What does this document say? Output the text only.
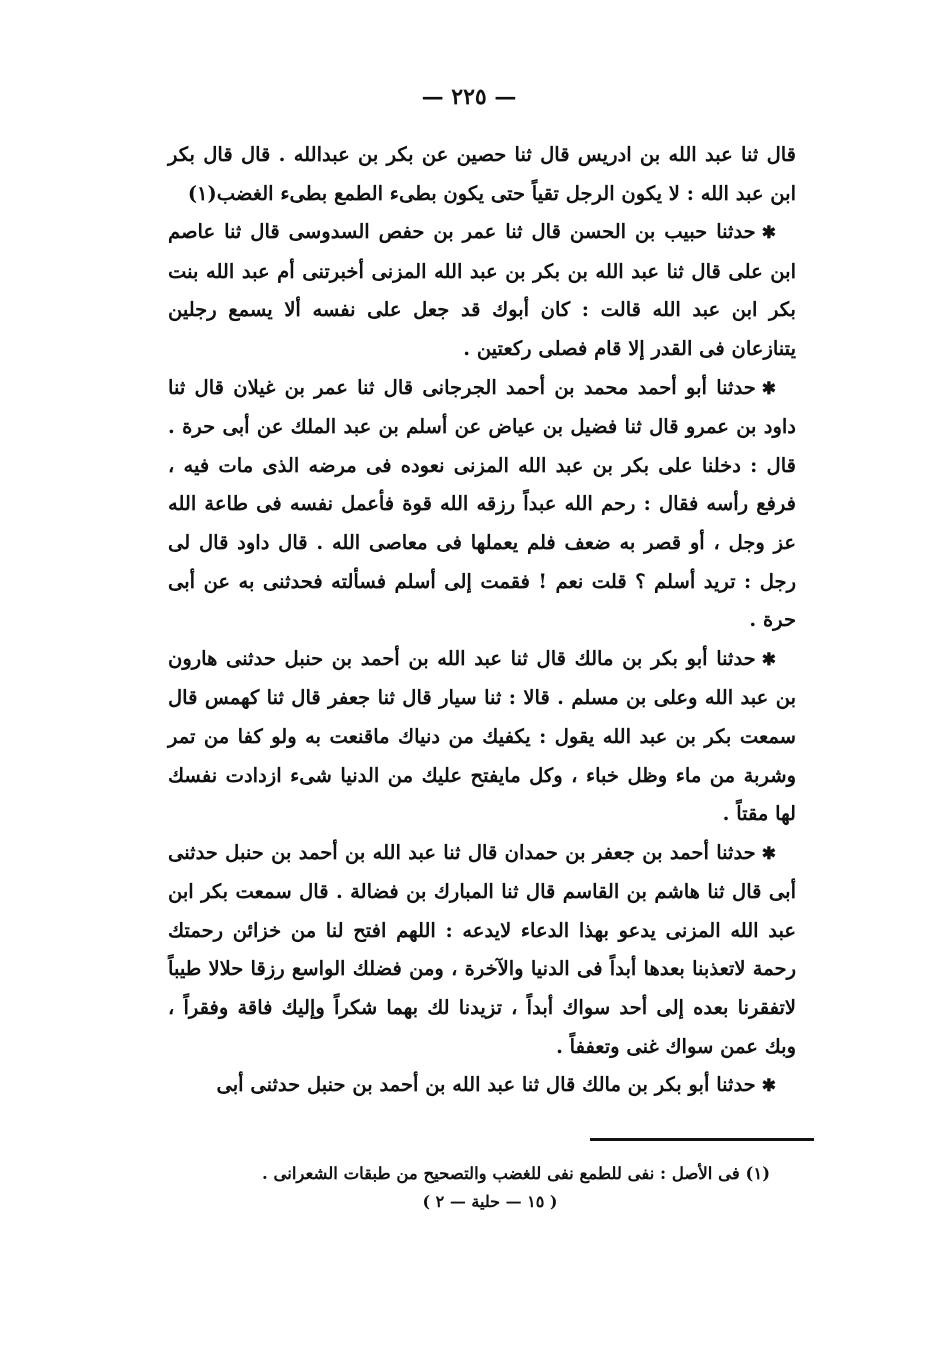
— ٢٢٥ —

قال ثنا عبد الله بن ادريس قال ثنا حصين عن بكر بن عبدالله . قال قال بكر ابن عبد الله : لا يكون الرجل تقياً حتى يكون بطىء الطمع بطىء الغضب(١)

✱حدثنا حبيب بن الحسن قال ثنا عمر بن حفص السدوسى قال ثنا عاصم ابن على قال ثنا عبد الله بن بكر بن عبد الله المزنى أخبرتنى أم عبد الله بنت بكر ابن عبد الله قالت : كان أبوك قد جعل على نفسه ألا يسمع رجلين يتنازعان فى القدر إلا قام فصلى ركعتين .

✱حدثنا أبو أحمد محمد بن أحمد الجرجانى قال ثنا عمر بن غيلان قال ثنا داود بن عمرو قال ثنا فضيل بن عياض عن أسلم بن عبد الملك عن أبى حرة . قال : دخلنا على بكر بن عبد الله المزنى نعوده فى مرضه الذى مات فيه ، فرفع رأسه فقال : رحم الله عبداً رزقه الله قوة فأعمل نفسه فى طاعة الله عز وجل ، أو قصر به ضعف فلم يعملها فى معاصى الله . قال داود قال لى رجل : تريد أسلم ؟ قلت نعم ! فقمت إلى أسلم فسألته فحدثنى به عن أبى حرة .

✱حدثنا أبو بكر بن مالك قال ثنا عبد الله بن أحمد بن حنبل حدثنى هارون بن عبد الله وعلى بن مسلم . قالا : ثنا سيار قال ثنا جعفر قال ثنا كهمس قال سمعت بكر بن عبد الله يقول : يكفيك من دنياك ماقنعت به ولو كفا من تمر وشربة من ماء وظل خباء ، وكل مايفتح عليك من الدنيا شىء ازدادت نفسك لها مقتاً .

✱حدثنا أحمد بن جعفر بن حمدان قال ثنا عبد الله بن أحمد بن حنبل حدثنى أبى قال ثنا هاشم بن القاسم قال ثنا المبارك بن فضالة . قال سمعت بكر ابن عبد الله المزنى يدعو بهذا الدعاء لايدعه : اللهم افتح لنا من خزائن رحمتك رحمة لاتعذبنا بعدها أبداً فى الدنيا والآخرة ، ومن فضلك الواسع رزقا حلالا طيباً لاتفقرنا بعده إلى أحد سواك أبداً ، تزيدنا لك بهما شكراً وإليك فاقة وفقراً ، وبك عمن سواك غنى وتعففاً .

✱حدثنا أبو بكر بن مالك قال ثنا عبد الله بن أحمد بن حنبل حدثنى أبى

(١) فى الأصل : نفى للطمع نفى للغضب والتصحيح من طبقات الشعرانى .
( ١٥ — حلية — ٢ )
